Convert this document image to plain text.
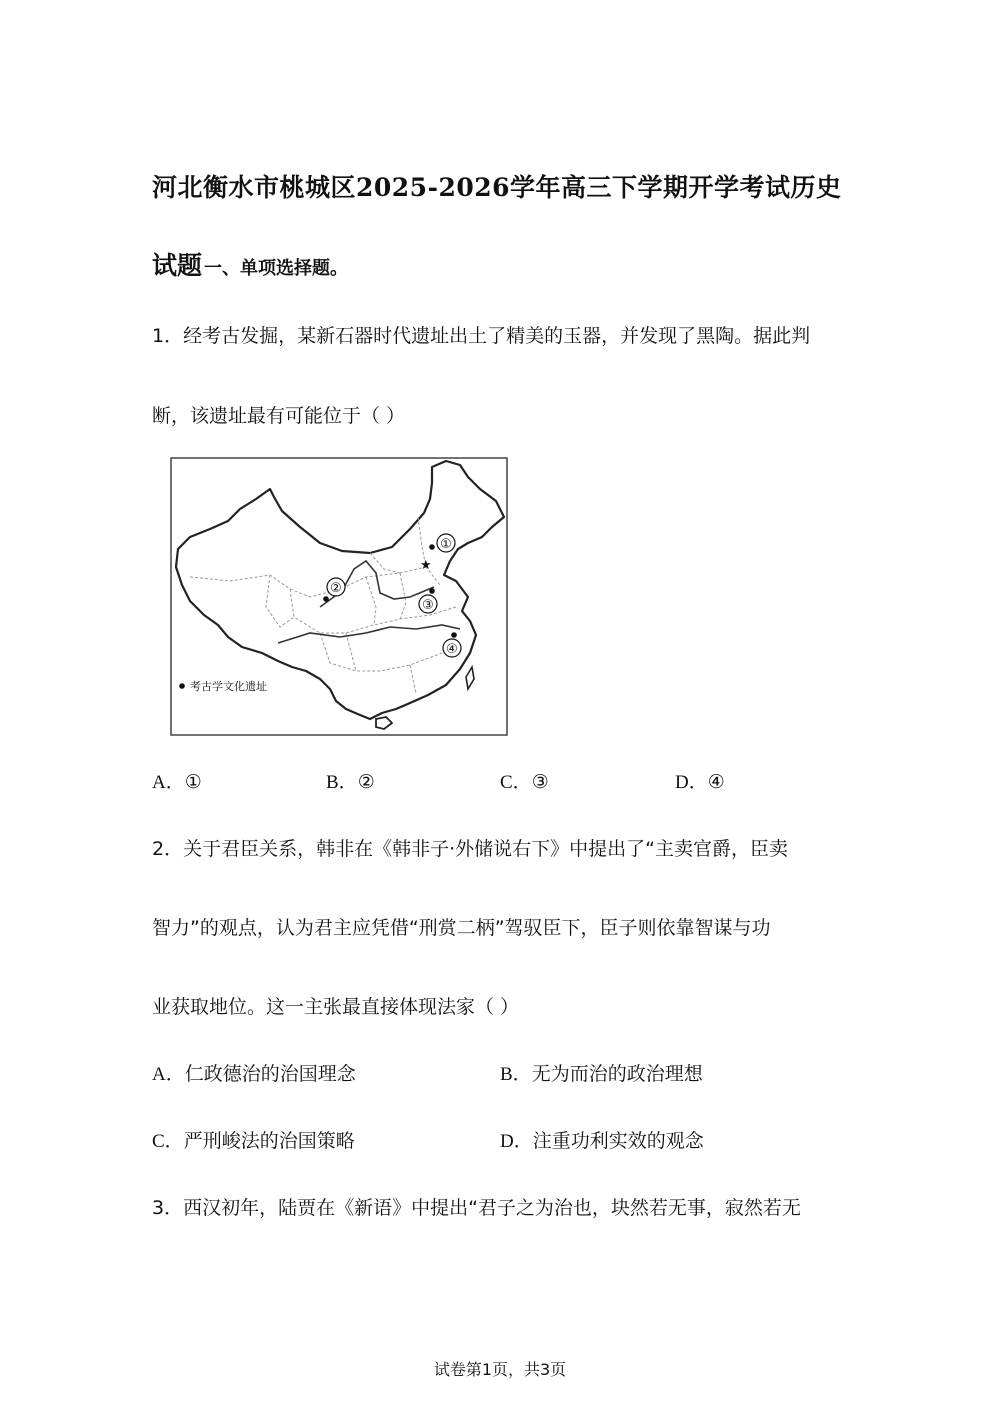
河北衡水市桃城区2025-2026学年高三下学期开学考试历史
试题 一、单项选择题。
1．经考古发掘，某新石器时代遗址出土了精美的玉器，并发现了黑陶。据此判
断，该遗址最有可能位于（ ）
★
①
②
③
④
考古学文化遗址
A．①	B．②	C．③	D．④
2．关于君臣关系，韩非在《韩非子·外储说右下》中提出了“主卖官爵，臣卖
智力”的观点，认为君主应凭借“刑赏二柄”驾驭臣下，臣子则依靠智谋与功
业获取地位。这一主张最直接体现法家（ ）
A．仁政德治的治国理念	B．无为而治的政治理想
C．严刑峻法的治国策略	D．注重功利实效的观念
3．西汉初年，陆贾在《新语》中提出“君子之为治也，块然若无事，寂然若无
试卷第1页，共3页
